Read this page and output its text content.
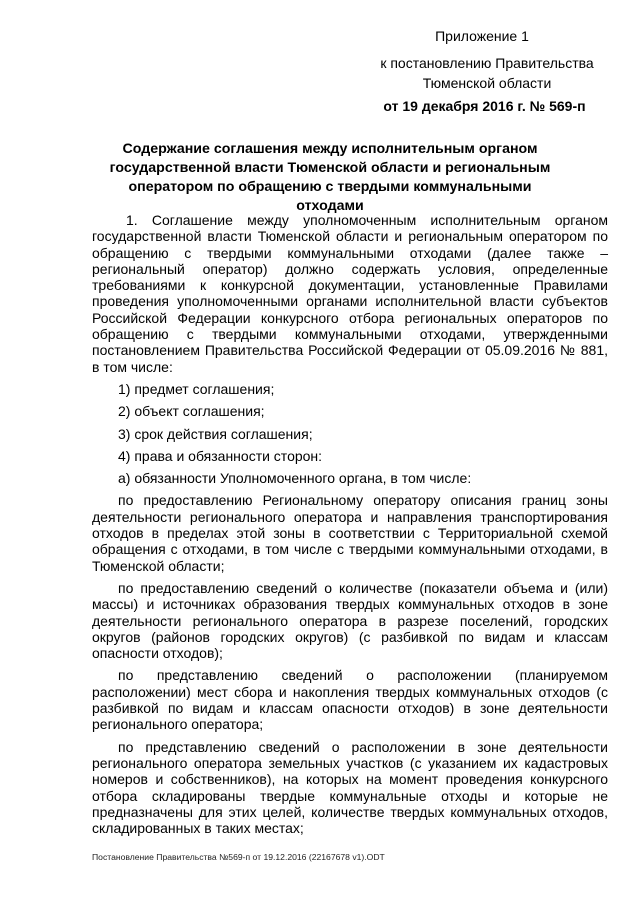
Приложение 1
к постановлению Правительства
Тюменской области
от 19 декабря 2016 г. № 569-п
Содержание соглашения между исполнительным органом государственной власти Тюменской области и региональным оператором по обращению с твердыми коммунальными отходами

1. Соглашение между уполномоченным исполнительным органом государственной власти Тюменской области и региональным оператором по обращению с твердыми коммунальными отходами (далее также – региональный оператор) должно содержать условия, определенные требованиями к конкурсной документации, установленные Правилами проведения уполномоченными органами исполнительной власти субъектов Российской Федерации конкурсного отбора региональных операторов по обращению с твердыми коммунальными отходами, утвержденными постановлением Правительства Российской Федерации от 05.09.2016 № 881, в том числе:

1) предмет соглашения;
2) объект соглашения;
3) срок действия соглашения;
4) права и обязанности сторон:
а) обязанности Уполномоченного органа, в том числе:

по предоставлению Региональному оператору описания границ зоны деятельности регионального оператора и направления транспортирования отходов в пределах этой зоны в соответствии с Территориальной схемой обращения с отходами, в том числе с твердыми коммунальными отходами, в Тюменской области;

по предоставлению сведений о количестве (показатели объема и (или) массы) и источниках образования твердых коммунальных отходов в зоне деятельности регионального оператора в разрезе поселений, городских округов (районов городских округов) (с разбивкой по видам и классам опасности отходов);

по представлению сведений о расположении (планируемом расположении) мест сбора и накопления твердых коммунальных отходов (с разбивкой по видам и классам опасности отходов) в зоне деятельности регионального оператора;

по представлению сведений о расположении в зоне деятельности регионального оператора земельных участков (с указанием их кадастровых номеров и собственников), на которых на момент проведения конкурсного отбора складированы твердые коммунальные отходы и которые не предназначены для этих целей, количестве твердых коммунальных отходов, складированных в таких местах;

Постановление Правительства №569-п от 19.12.2016 (22167678 v1).ODT
